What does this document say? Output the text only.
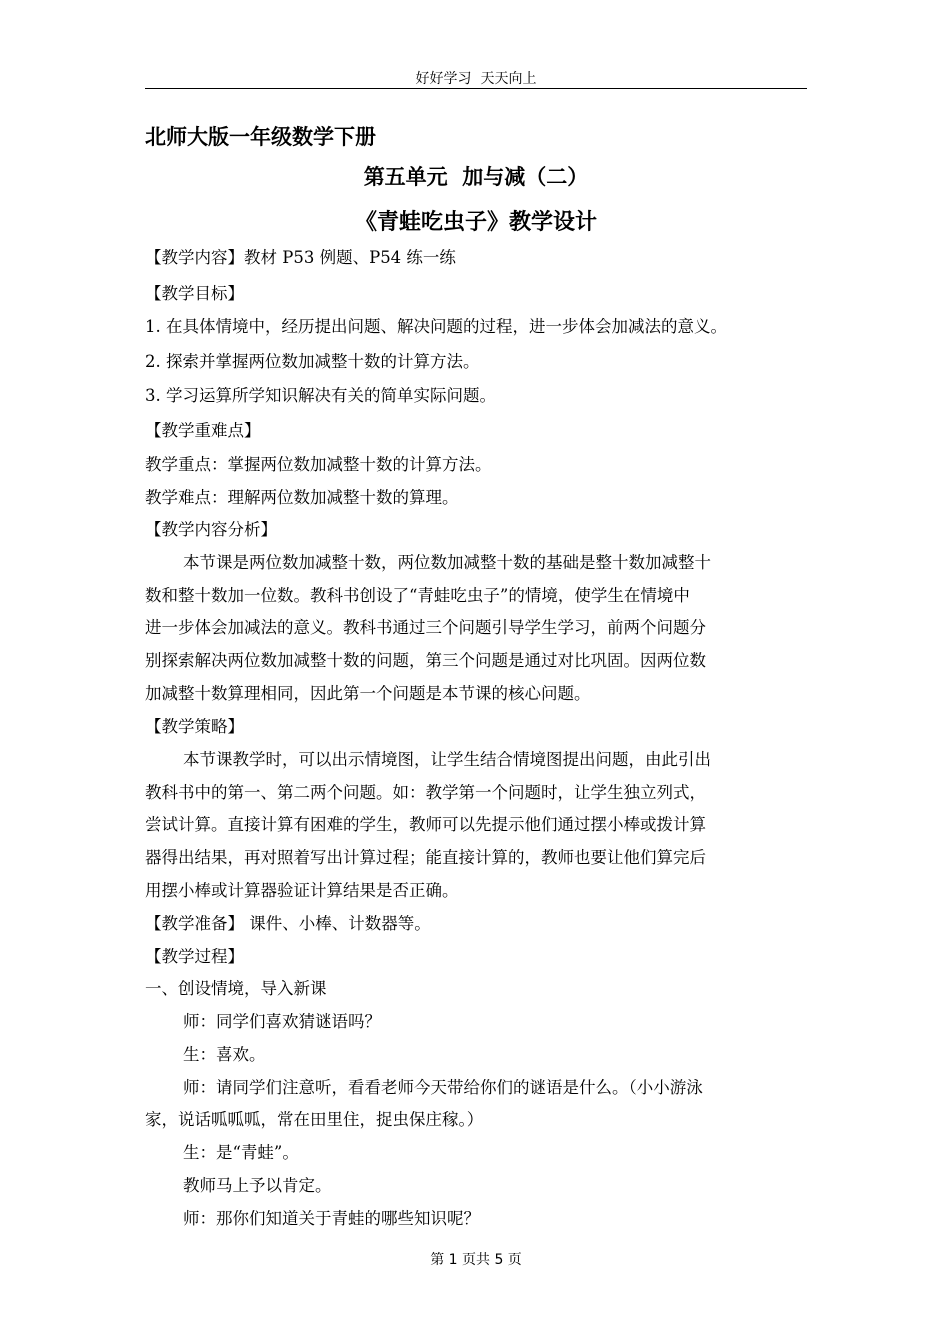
好好学习  天天向上
北师大版一年级数学下册
第五单元  加与减（二）
《青蛙吃虫子》教学设计
【教学内容】教材 P53 例题、P54 练一练
【教学目标】
1. 在具体情境中，经历提出问题、解决问题的过程，进一步体会加减法的意义。
2. 探索并掌握两位数加减整十数的计算方法。
3. 学习运算所学知识解决有关的简单实际问题。
【教学重难点】
教学重点：掌握两位数加减整十数的计算方法。
教学难点：理解两位数加减整十数的算理。
【教学内容分析】
本节课是两位数加减整十数，两位数加减整十数的基础是整十数加减整十
数和整十数加一位数。教科书创设了“青蛙吃虫子”的情境，使学生在情境中
进一步体会加减法的意义。教科书通过三个问题引导学生学习，前两个问题分
别探索解决两位数加减整十数的问题，第三个问题是通过对比巩固。因两位数
加减整十数算理相同，因此第一个问题是本节课的核心问题。
【教学策略】
本节课教学时，可以出示情境图，让学生结合情境图提出问题，由此引出
教科书中的第一、第二两个问题。如：教学第一个问题时，让学生独立列式，
尝试计算。直接计算有困难的学生，教师可以先提示他们通过摆小棒或拨计算
器得出结果，再对照着写出计算过程；能直接计算的，教师也要让他们算完后
用摆小棒或计算器验证计算结果是否正确。
【教学准备】 课件、小棒、计数器等。
【教学过程】
一、创设情境，导入新课
师：同学们喜欢猜谜语吗？
生：喜欢。
师：请同学们注意听，看看老师今天带给你们的谜语是什么。（小小游泳
家，说话呱呱呱，常在田里住，捉虫保庄稼。）
生：是“青蛙”。
教师马上予以肯定。
师：那你们知道关于青蛙的哪些知识呢？
第 1 页共 5 页
